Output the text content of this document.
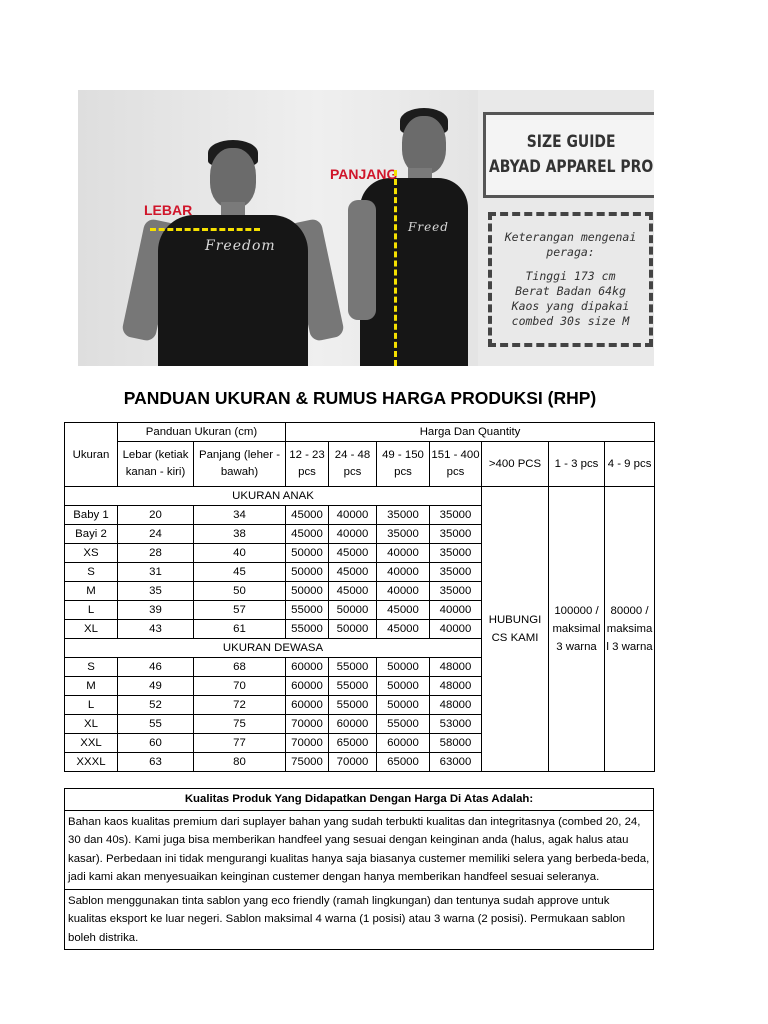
Freedom
LEBAR
Freed
PANJANG
SIZE GUIDE
ABYAD APPAREL PRO
Keterangan mengenai
peraga:
Tinggi 173 cm
Berat Badan 64kg
Kaos yang dipakai
combed 30s size M
PANDUAN UKURAN & RUMUS HARGA PRODUKSI (RHP)
Ukuran	Panduan Ukuran (cm)		Harga Dan Quantity						
	Lebar (ketiak kanan - kiri)	Panjang (leher - bawah)	12 - 23 pcs	24 - 48 pcs	49 - 150 pcs	151 - 400 pcs	>400 PCS	1 - 3 pcs	4 - 9 pcs
UKURAN ANAK							HUBUNGI CS KAMI	100000 / maksimal 3 warna	80000 / maksima l 3 warna
Baby 1	20	34	45000	40000	35000	35000			
Bayi 2	24	38	45000	40000	35000	35000			
XS	28	40	50000	45000	40000	35000			
S	31	45	50000	45000	40000	35000			
M	35	50	50000	45000	40000	35000			
L	39	57	55000	50000	45000	40000			
XL	43	61	55000	50000	45000	40000			
UKURAN DEWASA									
S	46	68	60000	55000	50000	48000			
M	49	70	60000	55000	50000	48000			
L	52	72	60000	55000	50000	48000			
XL	55	75	70000	60000	55000	53000			
XXL	60	77	70000	65000	60000	58000			
XXXL	63	80	75000	70000	65000	63000			
Kualitas Produk Yang Didapatkan Dengan Harga Di Atas Adalah:
Bahan kaos kualitas premium dari suplayer bahan yang sudah terbukti kualitas dan integritasnya (combed 20, 24, 30 dan 40s). Kami juga bisa memberikan handfeel yang sesuai dengan keinginan anda (halus, agak halus atau kasar). Perbedaan ini tidak mengurangi kualitas hanya saja biasanya custemer memiliki selera yang berbeda-beda, jadi kami akan menyesuaikan keinginan custemer dengan hanya memberikan handfeel sesuai seleranya.
Sablon menggunakan tinta sablon yang eco friendly (ramah lingkungan) dan tentunya sudah approve untuk kualitas eksport ke luar negeri. Sablon maksimal 4 warna (1 posisi) atau 3 warna (2 posisi). Permukaan sablon boleh distrika.
